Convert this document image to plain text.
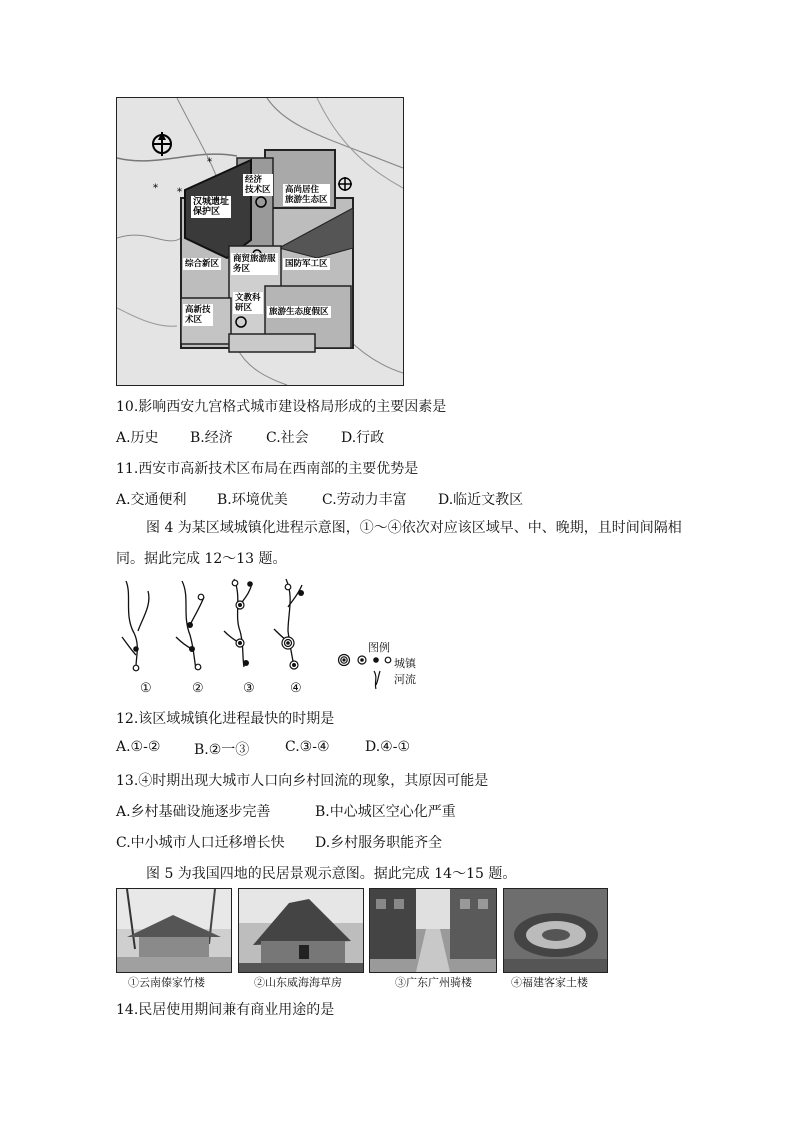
* *
*
经济
技术区 高尚居住
旅游生态区
汉城遗址
保护区
综合新区 商贸旅游服
务区	国防军工区
文教科
研区
高新技
术区
旅游生态度假区
10.影响西安九宫格式城市建设格局形成的主要因素是
A.历史 B.经济 C.社会 D.行政
11.西安市高新技术区布局在西南部的主要优势是
A.交通便利 B.环境优美 C.劳动力丰富 D.临近文教区
图 4 为某区域城镇化进程示意图，①～④依次对应该区域早、中、晚期，且时间间隔相
同。据此完成 12～13 题。
①	②	③	④
图例
城镇
河流
12.该区域城镇化进程最快的时期是
A.①-② B.②一③	C.③-④	D.④-①
13.④时期出现大城市人口向乡村回流的现象，其原因可能是
A.乡村基础设施逐步完善	B.中心城区空心化严重
C.中小城市人口迁移增长快 D.乡村服务职能齐全
图 5 为我国四地的民居景观示意图。据此完成 14～15 题。
①云南傣家竹楼	②山东威海海草房	③广东广州骑楼	④福建客家土楼
14.民居使用期间兼有商业用途的是
